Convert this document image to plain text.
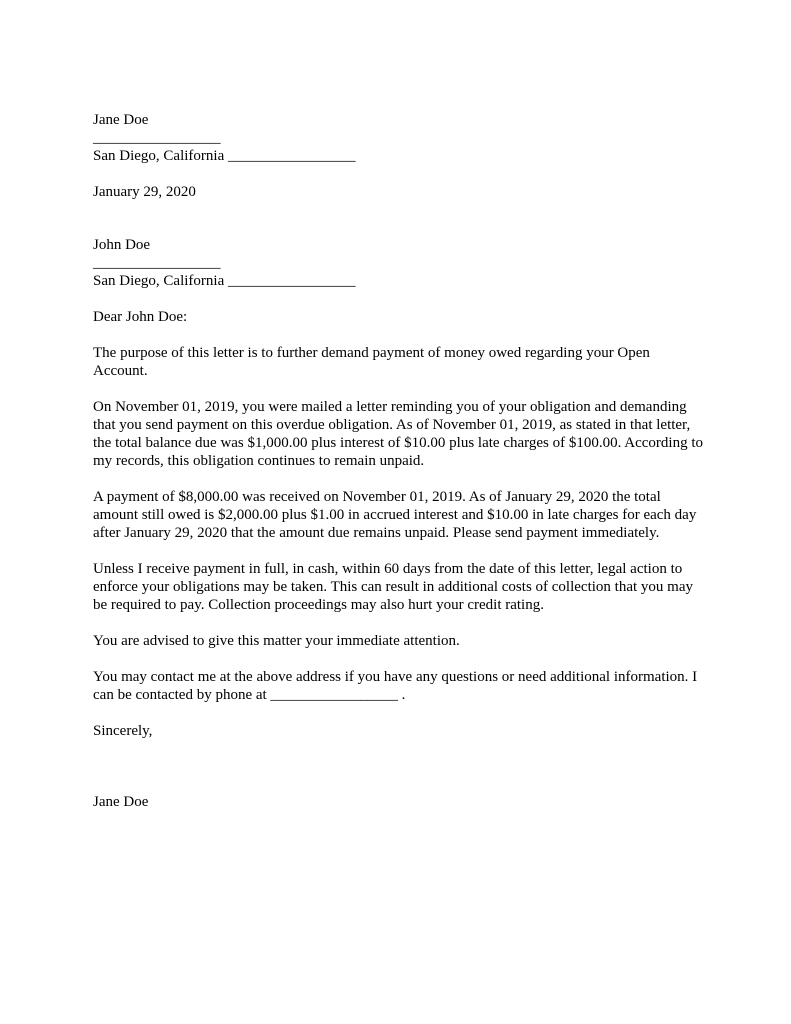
Jane Doe
_________________
San Diego, California _________________
January 29, 2020
John Doe
_________________
San Diego, California _________________
Dear John Doe:

The purpose of this letter is to further demand payment of money owed regarding your Open Account.

On November 01, 2019, you were mailed a letter reminding you of your obligation and demanding that you send payment on this overdue obligation. As of November 01, 2019, as stated in that letter, the total balance due was $1,000.00 plus interest of $10.00 plus late charges of $100.00. According to my records, this obligation continues to remain unpaid.

A payment of $8,000.00 was received on November 01, 2019. As of January 29, 2020 the total amount still owed is $2,000.00 plus $1.00 in accrued interest and $10.00 in late charges for each day after January 29, 2020 that the amount due remains unpaid. Please send payment immediately.

Unless I receive payment in full, in cash, within 60 days from the date of this letter, legal action to enforce your obligations may be taken. This can result in additional costs of collection that you may be required to pay. Collection proceedings may also hurt your credit rating.

You are advised to give this matter your immediate attention.

You may contact me at the above address if you have any questions or need additional information. I can be contacted by phone at _________________ .

Sincerely,
Jane Doe
